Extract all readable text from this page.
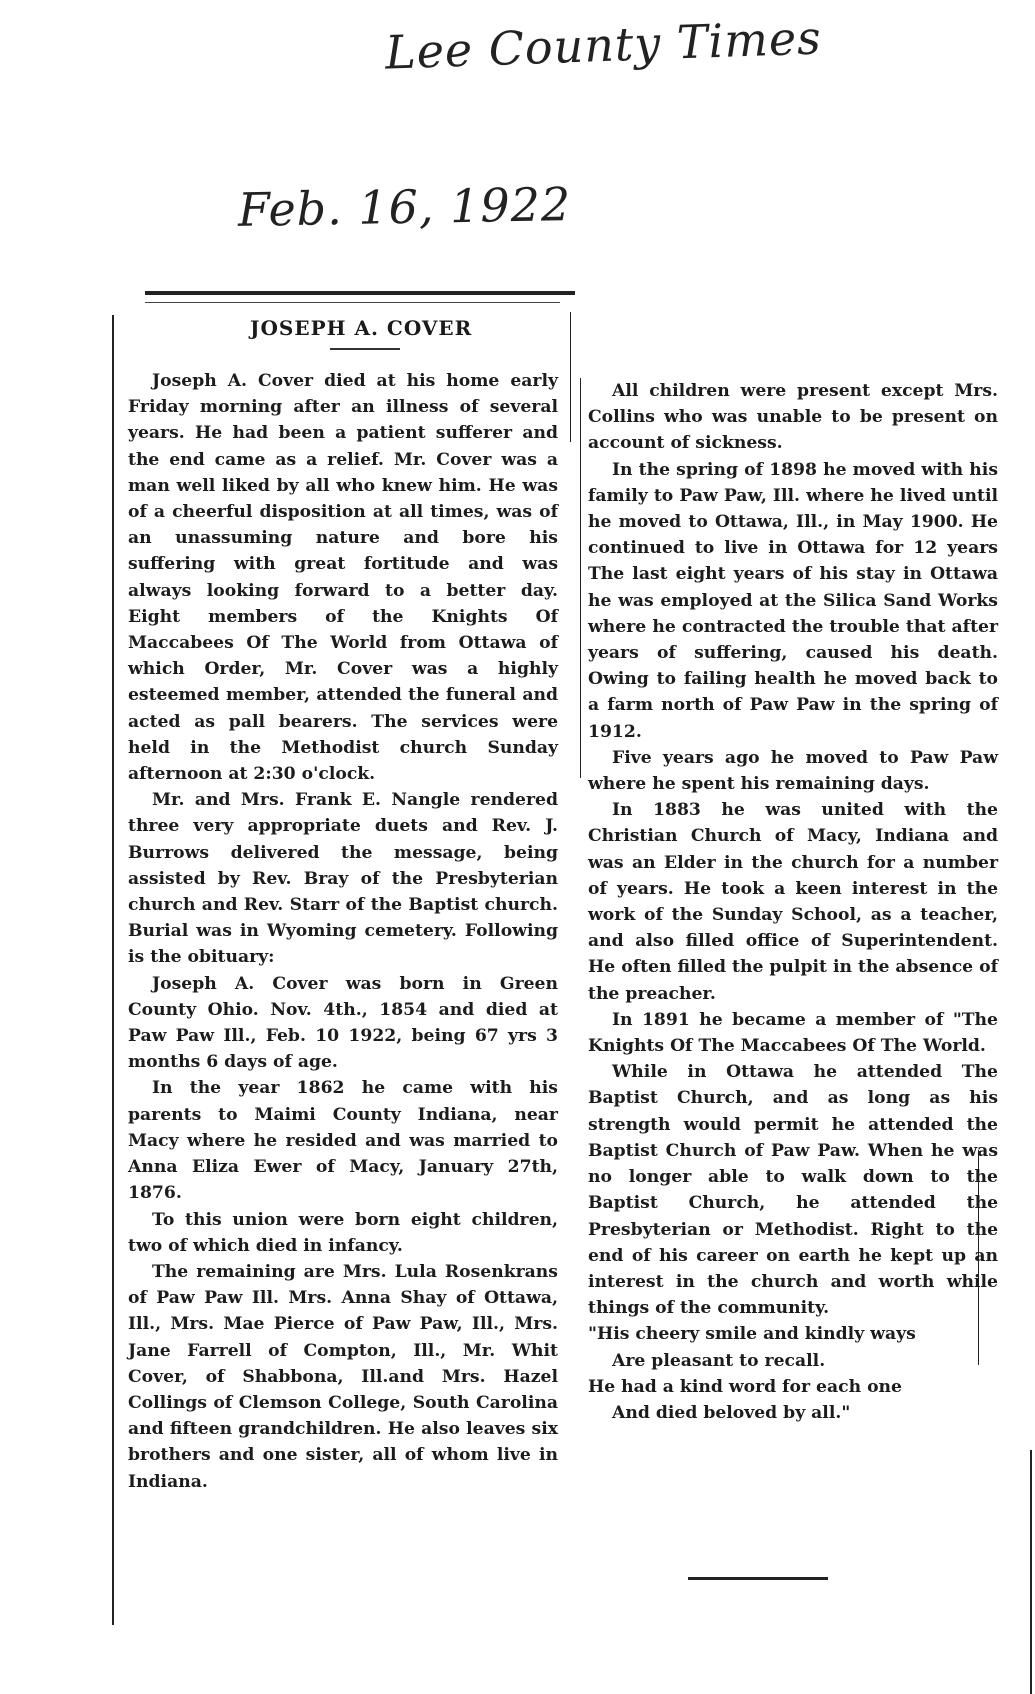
Lee County Times
Feb. 16, 1922
JOSEPH A. COVER

Joseph A. Cover died at his home early Friday morning after an illness of several years. He had been a patient sufferer and the end came as a relief. Mr. Cover was a man well liked by all who knew him. He was of a cheerful disposition at all times, was of an unassuming nature and bore his suffering with great fortitude and was always looking forward to a better day. Eight members of the Knights Of Maccabees Of The World from Ottawa of which Order, Mr. Cover was a highly esteemed member, attended the funeral and acted as pall bearers. The services were held in the Methodist church Sunday afternoon at 2:30 o'clock.

Mr. and Mrs. Frank E. Nangle rendered three very appropriate duets and Rev. J. Burrows delivered the message, being assisted by Rev. Bray of the Presbyterian church and Rev. Starr of the Baptist church. Burial was in Wyoming cemetery. Following is the obituary:

Joseph A. Cover was born in Green County Ohio. Nov. 4th., 1854 and died at Paw Paw Ill., Feb. 10 1922, being 67 yrs 3 months 6 days of age.

In the year 1862 he came with his parents to Maimi County Indiana, near Macy where he resided and was married to Anna Eliza Ewer of Macy, January 27th, 1876.

To this union were born eight children, two of which died in infancy.

The remaining are Mrs. Lula Rosenkrans of Paw Paw Ill. Mrs. Anna Shay of Ottawa, Ill., Mrs. Mae Pierce of Paw Paw, Ill., Mrs. Jane Farrell of Compton, Ill., Mr. Whit Cover, of Shabbona, Ill.and Mrs. Hazel Collings of Clemson College, South Carolina and fifteen grandchildren. He also leaves six brothers and one sister, all of whom live in Indiana.

All children were present except Mrs. Collins who was unable to be present on account of sickness.

In the spring of 1898 he moved with his family to Paw Paw, Ill. where he lived until he moved to Ottawa, Ill., in May 1900. He continued to live in Ottawa for 12 years The last eight years of his stay in Ottawa he was employed at the Silica Sand Works where he contracted the trouble that after years of suffering, caused his death. Owing to failing health he moved back to a farm north of Paw Paw in the spring of 1912.

Five years ago he moved to Paw Paw where he spent his remaining days.

In 1883 he was united with the Christian Church of Macy, Indiana and was an Elder in the church for a number of years. He took a keen interest in the work of the Sunday School, as a teacher, and also filled office of Superintendent. He often filled the pulpit in the absence of the preacher.

In 1891 he became a member of "The Knights Of The Maccabees Of The World.

While in Ottawa he attended The Baptist Church, and as long as his strength would permit he attended the Baptist Church of Paw Paw. When he was no longer able to walk down to the Baptist Church, he attended the Presbyterian or Methodist. Right to the end of his career on earth he kept up an interest in the church and worth while things of the community.

"His cheery smile and kindly ways
Are pleasant to recall.
He had a kind word for each one
And died beloved by all."
